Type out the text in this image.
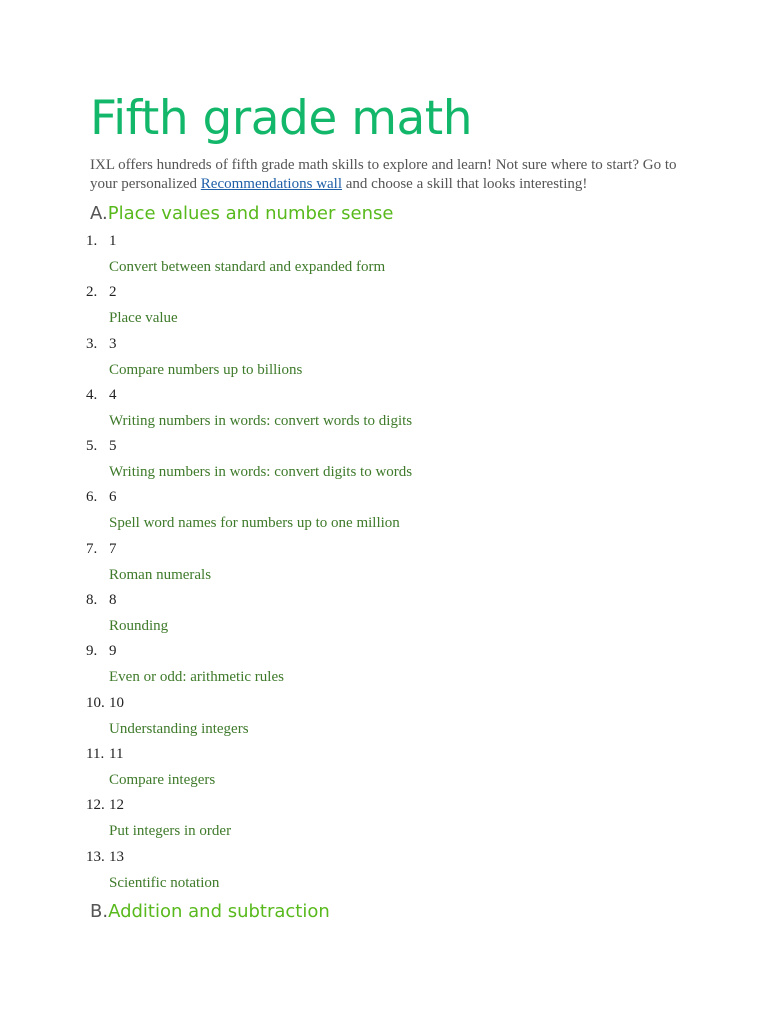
Fifth grade math

IXL offers hundreds of fifth grade math skills to explore and learn! Not sure where to start? Go to your personalized Recommendations wall and choose a skill that looks interesting!

A.Place values and number sense
1. 1
Convert between standard and expanded form
2. 2
Place value
3. 3
Compare numbers up to billions
4. 4
Writing numbers in words: convert words to digits
5. 5
Writing numbers in words: convert digits to words
6. 6
Spell word names for numbers up to one million
7. 7
Roman numerals
8. 8
Rounding
9. 9
Even or odd: arithmetic rules
10. 10
Understanding integers
11. 11
Compare integers
12. 12
Put integers in order
13. 13
Scientific notation
B.Addition and subtraction
